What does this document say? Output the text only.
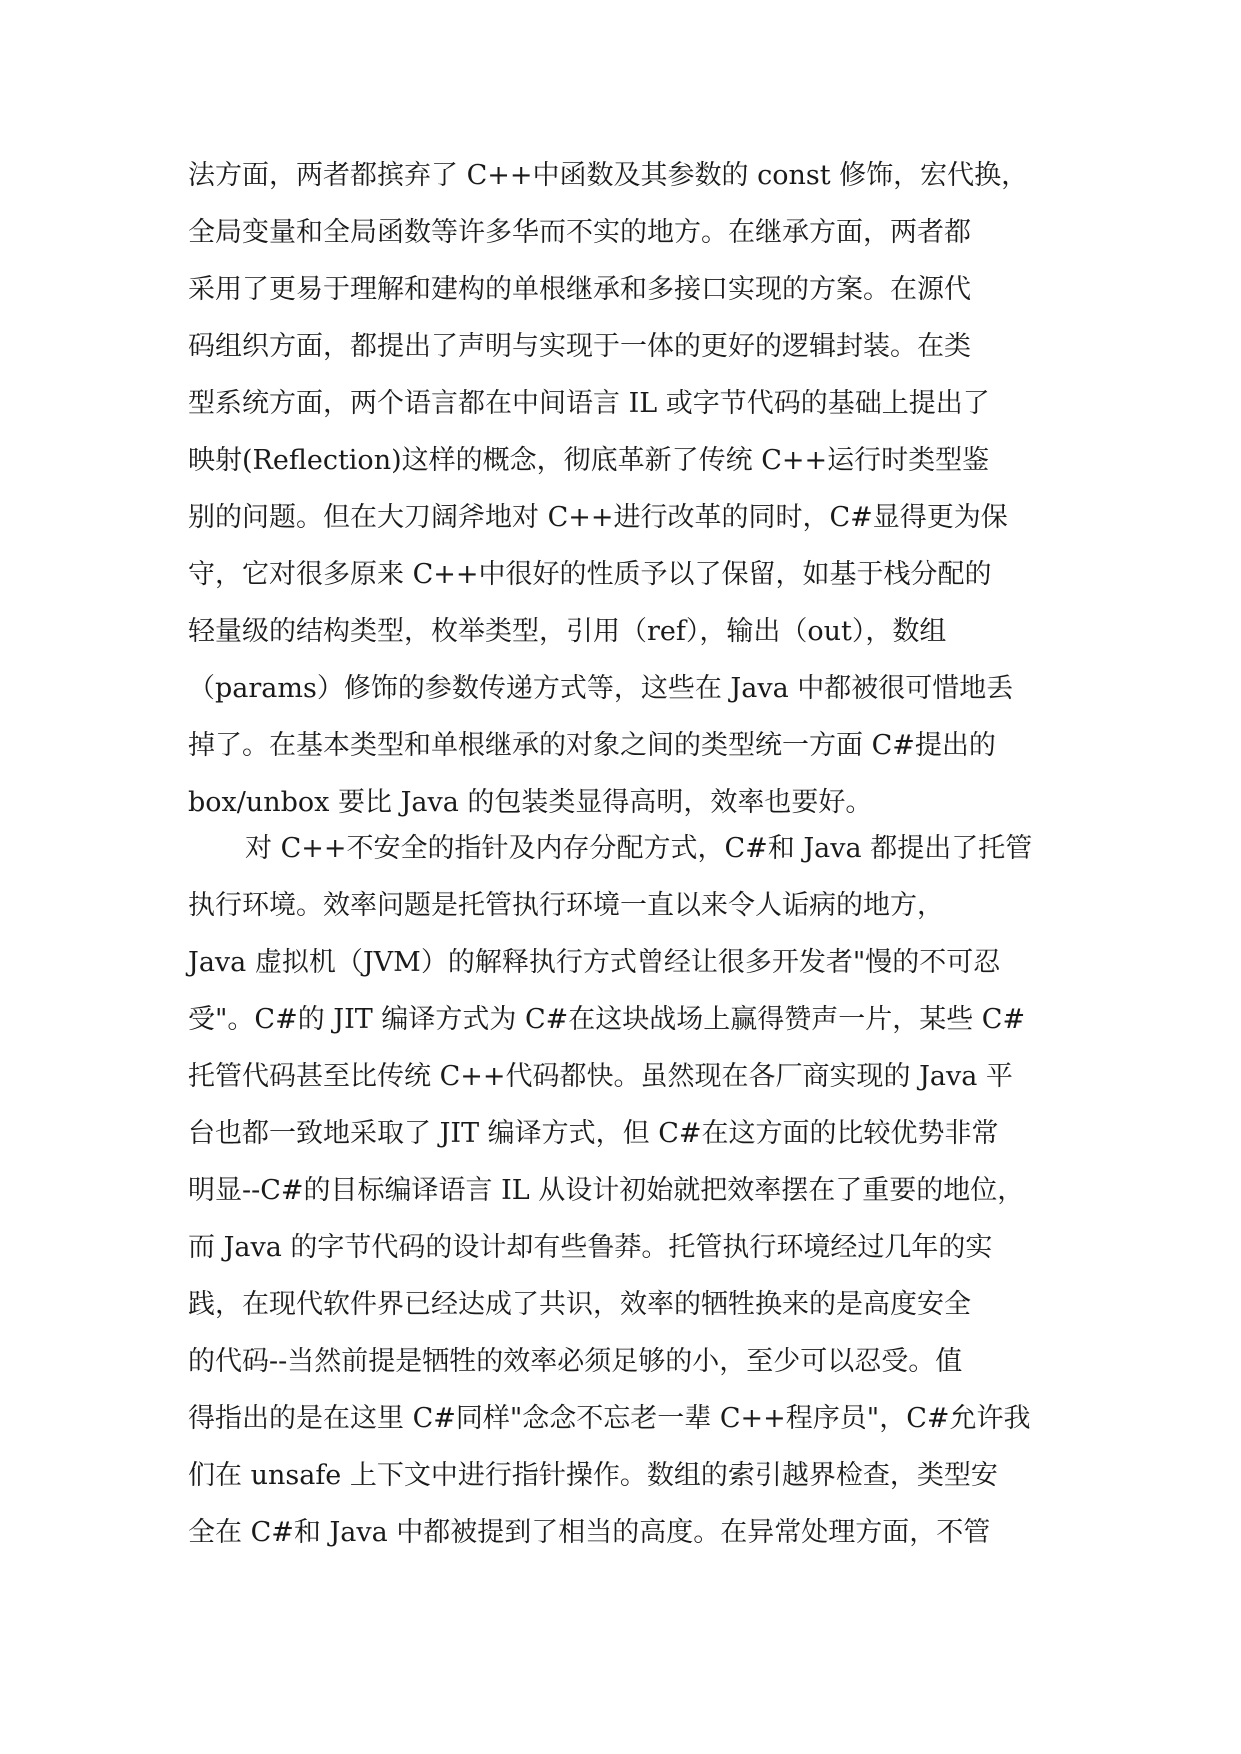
法方面，两者都摈弃了 C++中函数及其参数的 const 修饰，宏代换，
全局变量和全局函数等许多华而不实的地方。在继承方面，两者都
采用了更易于理解和建构的单根继承和多接口实现的方案。在源代
码组织方面，都提出了声明与实现于一体的更好的逻辑封装。在类
型系统方面，两个语言都在中间语言 IL 或字节代码的基础上提出了
映射(Reflection)这样的概念，彻底革新了传统 C++运行时类型鉴
别的问题。但在大刀阔斧地对 C++进行改革的同时，C#显得更为保
守，它对很多原来 C++中很好的性质予以了保留，如基于栈分配的
轻量级的结构类型，枚举类型，引用（ref），输出（out），数组
（params）修饰的参数传递方式等，这些在 Java 中都被很可惜地丢
掉了。在基本类型和单根继承的对象之间的类型统一方面 C#提出的
box/unbox 要比 Java 的包装类显得高明，效率也要好。
对 C++不安全的指针及内存分配方式，C#和 Java 都提出了托管
执行环境。效率问题是托管执行环境一直以来令人诟病的地方，
Java 虚拟机（JVM）的解释执行方式曾经让很多开发者"慢的不可忍
受"。C#的 JIT 编译方式为 C#在这块战场上赢得赞声一片，某些 C#
托管代码甚至比传统 C++代码都快。虽然现在各厂商实现的 Java 平
台也都一致地采取了 JIT 编译方式，但 C#在这方面的比较优势非常
明显--C#的目标编译语言 IL 从设计初始就把效率摆在了重要的地位，
而 Java 的字节代码的设计却有些鲁莽。托管执行环境经过几年的实
践，在现代软件界已经达成了共识，效率的牺牲换来的是高度安全
的代码--当然前提是牺牲的效率必须足够的小，至少可以忍受。值
得指出的是在这里 C#同样"念念不忘老一辈 C++程序员"，C#允许我
们在 unsafe 上下文中进行指针操作。数组的索引越界检查，类型安
全在 C#和 Java 中都被提到了相当的高度。在异常处理方面，不管
